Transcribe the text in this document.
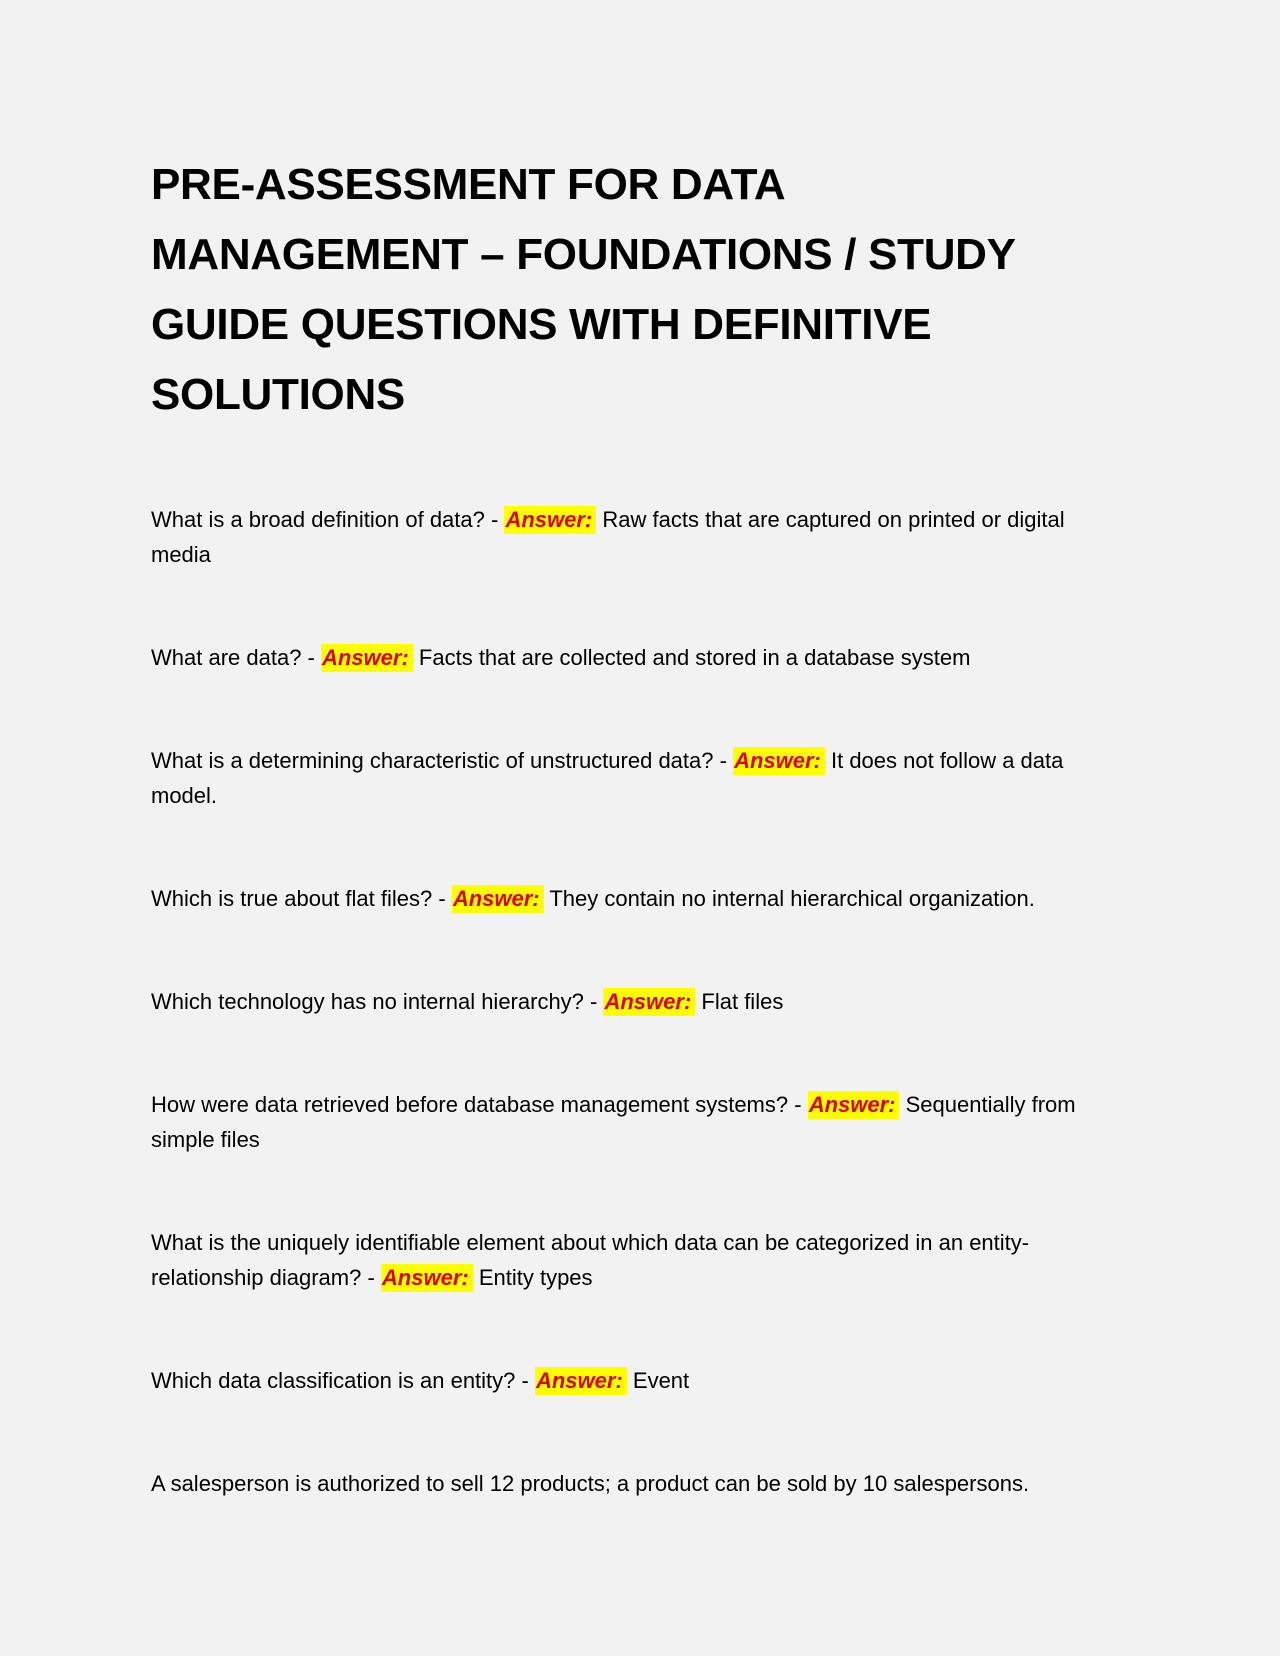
PRE-ASSESSMENT FOR DATA MANAGEMENT – FOUNDATIONS / STUDY GUIDE QUESTIONS WITH DEFINITIVE SOLUTIONS

What is a broad definition of data? - Answer: Raw facts that are captured on printed or digital media

What are data? - Answer: Facts that are collected and stored in a database system

What is a determining characteristic of unstructured data? - Answer: It does not follow a data model.

Which is true about flat files? - Answer: They contain no internal hierarchical organization.

Which technology has no internal hierarchy? - Answer: Flat files

How were data retrieved before database management systems? - Answer: Sequentially from simple files

What is the uniquely identifiable element about which data can be categorized in an entity-relationship diagram? - Answer: Entity types

Which data classification is an entity? - Answer: Event

A salesperson is authorized to sell 12 products; a product can be sold by 10 salespersons.
